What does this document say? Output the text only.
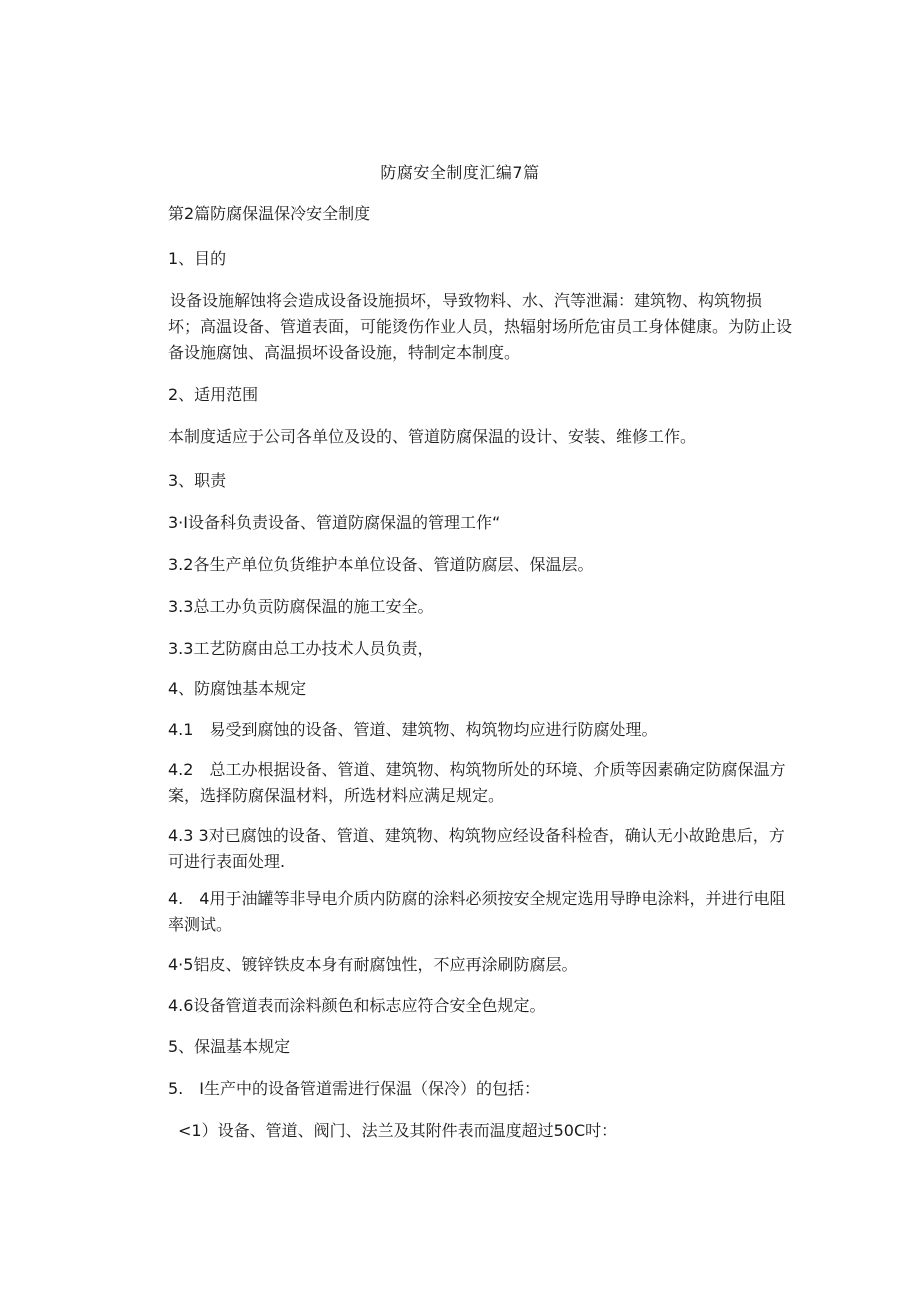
防腐安全制度汇编7篇
第2篇防腐保温保冷安全制度
1、目的
设备设施解蚀将会造成设备设施损坏，导致物料、水、汽等泄漏：建筑物、构筑物损坏；高温设备、管道表面，可能烫伤作业人员，热辐射场所危宙员工身体健康。为防止设备设施腐蚀、高温损坏设备设施，特制定本制度。
2、适用范围
本制度适应于公司各单位及设的、管道防腐保温的设计、安装、维修工作。
3、职责
3·I设备科负责设备、管道防腐保温的管理工作“
3.2各生产单位负货维护本单位设备、管道防腐层、保温层。
3.3总工办负贡防腐保温的施工安全。
3.3工艺防腐由总工办技术人员负责，
4、防腐蚀基本规定
4.1　易受到腐蚀的设备、管道、建筑物、构筑物均应进行防腐处理。
4.2　总工办根据设备、管道、建筑物、构筑物所处的环境、介质等因素确定防腐保温方案，选择防腐保温材料，所选材料应满足规定。
4.3 3对已腐蚀的设备、管道、建筑物、构筑物应经设备科检杳，确认无小故跄患后，方可进行表面处理.
4.　4用于油罐等非导电介质内防腐的涂料必须按安全规定选用导睁电涂料，并进行电阻率测试。
4·5铝皮、镀锌铁皮本身有耐腐蚀性，不应再涂刷防腐层。
4.6设备管道表而涂料颜色和标志应符合安全色规定。
5、保温基本规定
5.　I生产中的设备管道需进行保温（保冷）的包括：
<1）设备、管道、阀门、法兰及其附件表而温度超过50C吋：
